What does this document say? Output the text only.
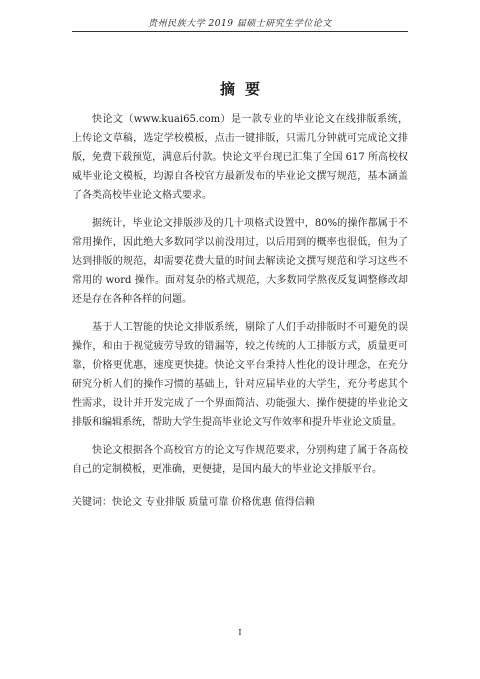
贵州民族大学 2019 届硕士研究生学位论文
摘要

快论文（www.kuai65.com）是一款专业的毕业论文在线排版系统，上传论文草稿，选定学校模板，点击一键排版，只需几分钟就可完成论文排版，免费下载预览，满意后付款。快论文平台现已汇集了全国 617 所高校权威毕业论文模板，均源自各校官方最新发布的毕业论文撰写规范，基本涵盖了各类高校毕业论文格式要求。

据统计，毕业论文排版涉及的几十项格式设置中，80%的操作都属于不常用操作，因此绝大多数同学以前没用过，以后用到的概率也很低，但为了达到排版的规范，却需要花费大量的时间去解读论文撰写规范和学习这些不常用的 word 操作。面对复杂的格式规范，大多数同学熬夜反复调整修改却还是存在各种各样的问题。

基于人工智能的快论文排版系统，剔除了人们手动排版时不可避免的误操作，和由于视觉疲劳导致的错漏等，较之传统的人工排版方式，质量更可靠，价格更优惠，速度更快捷。快论文平台秉持人性化的设计理念，在充分研究分析人们的操作习惯的基础上，针对应届毕业的大学生，充分考虑其个性需求，设计并开发完成了一个界面简洁、功能强大、操作便捷的毕业论文排版和编辑系统，帮助大学生提高毕业论文写作效率和提升毕业论文质量。

快论文根据各个高校官方的论文写作规范要求，分别构建了属于各高校自己的定制模板，更准确，更便捷，是国内最大的毕业论文排版平台。

关键词：快论文 专业排版 质量可靠 价格优惠 值得信赖

I
